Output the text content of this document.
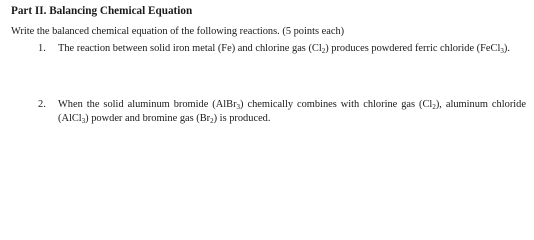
Part II. Balancing Chemical Equation
Write the balanced chemical equation of the following reactions. (5 points each)
1. The reaction between solid iron metal (Fe) and chlorine gas $(Cl_2)$ produces powdered ferric chloride (FeCl$_3$).
2. When the solid aluminum bromide (AlBr$_3$) chemically combines with chlorine gas $(Cl_2)$, aluminum chloride (AlCl$_3$) powder and bromine gas $(Br_2)$ is produced.
